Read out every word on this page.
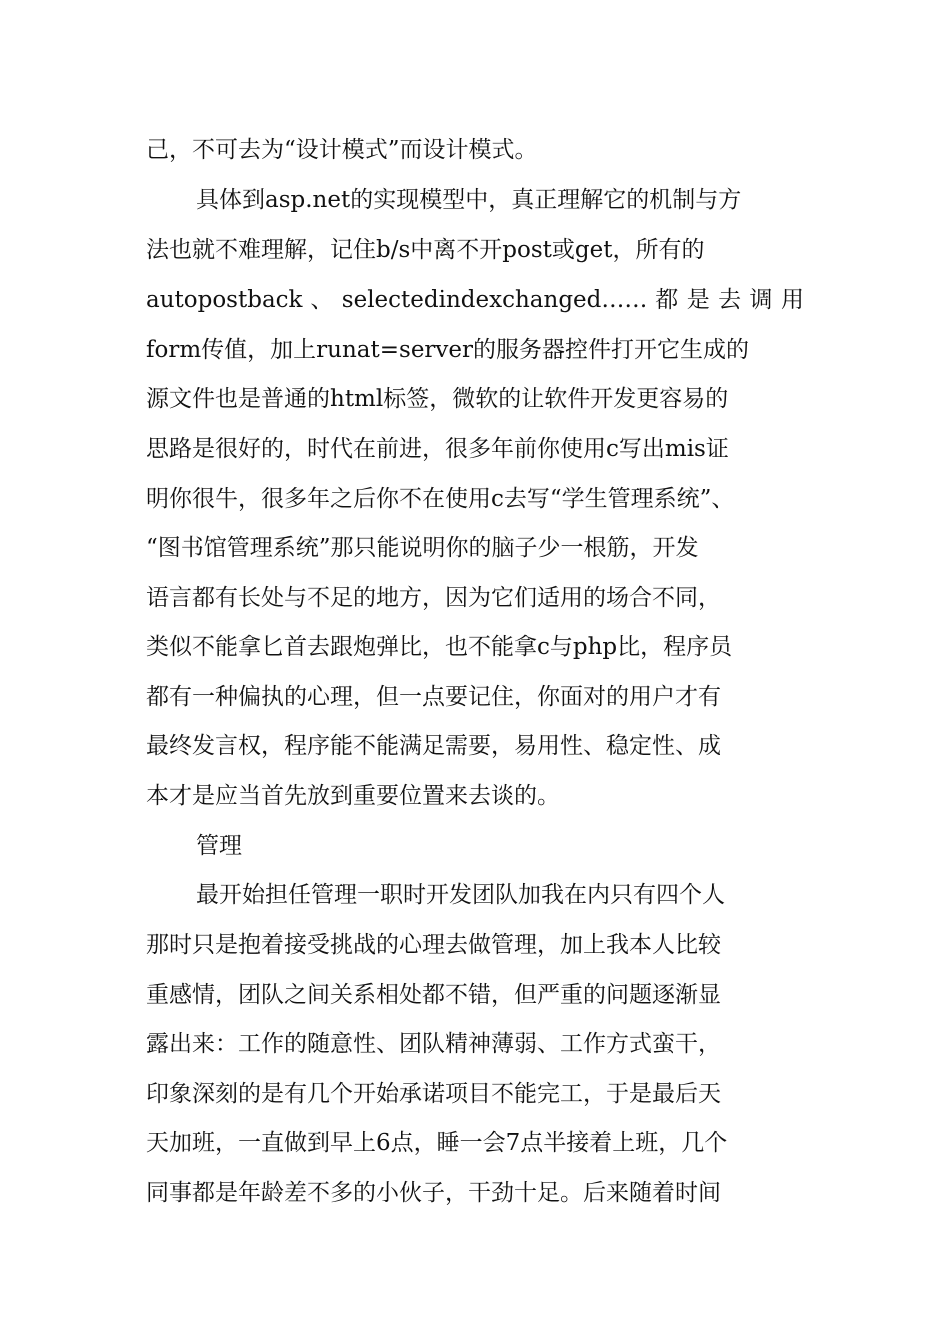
己，不可去为“设计模式”而设计模式。
具体到asp.net的实现模型中，真正理解它的机制与方
法也就不难理解，记住b/s中离不开post或get，所有的
autopostback 、 selectedindexchanged…… 都 是 去 调 用
form传值，加上runat=server的服务器控件打开它生成的
源文件也是普通的html标签，微软的让软件开发更容易的
思路是很好的，时代在前进，很多年前你使用c写出mis证
明你很牛，很多年之后你不在使用c去写“学生管理系统”、
“图书馆管理系统”那只能说明你的脑子少一根筋，开发
语言都有长处与不足的地方，因为它们适用的场合不同，
类似不能拿匕首去跟炮弹比，也不能拿c与php比，程序员
都有一种偏执的心理，但一点要记住，你面对的用户才有
最终发言权，程序能不能满足需要，易用性、稳定性、成
本才是应当首先放到重要位置来去谈的。
管理
最开始担任管理一职时开发团队加我在内只有四个人
那时只是抱着接受挑战的心理去做管理，加上我本人比较
重感情，团队之间关系相处都不错，但严重的问题逐渐显
露出来：工作的随意性、团队精神薄弱、工作方式蛮干，
印象深刻的是有几个开始承诺项目不能完工，于是最后天
天加班，一直做到早上6点，睡一会7点半接着上班，几个
同事都是年龄差不多的小伙子，干劲十足。后来随着时间
